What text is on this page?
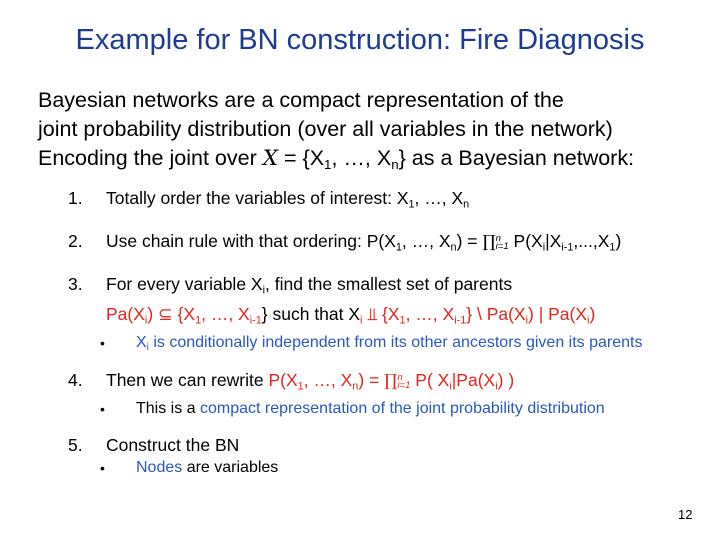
Example for BN construction: Fire Diagnosis
Bayesian networks are a compact representation of the
joint probability distribution (over all variables in the network)
Encoding the joint over $X = \{X_1$, …, $X_n$} as a Bayesian network:
1. Totally order the variables of interest: $X_1$, …, $X_n$
2. Use chain rule with that ordering: $P(X_1$, …, $X_n$) = ∏n
i=1 $P(X_i|X_{i-1},...,X_1)$
3. For every variable $X_i$, find the smallest set of parents
$Pa(X_i)$ ⊆ {$X_1$, …, $X_{i-1}$} such that $X_i$ ⫫ {$X_1$, …, $X_{i-1}$} \ $Pa(X_i)$ | $Pa(X_i)$
• $X_i$ is conditionally independent from its other ancestors given its parents
4. Then we can rewrite $P(X_1$, …, $X_n$) = ∏n
i=1 P( $X_i|Pa(X_i)$ )
• This is a compact representation of the joint probability distribution
5. Construct the BN
• Nodes are variables
12
